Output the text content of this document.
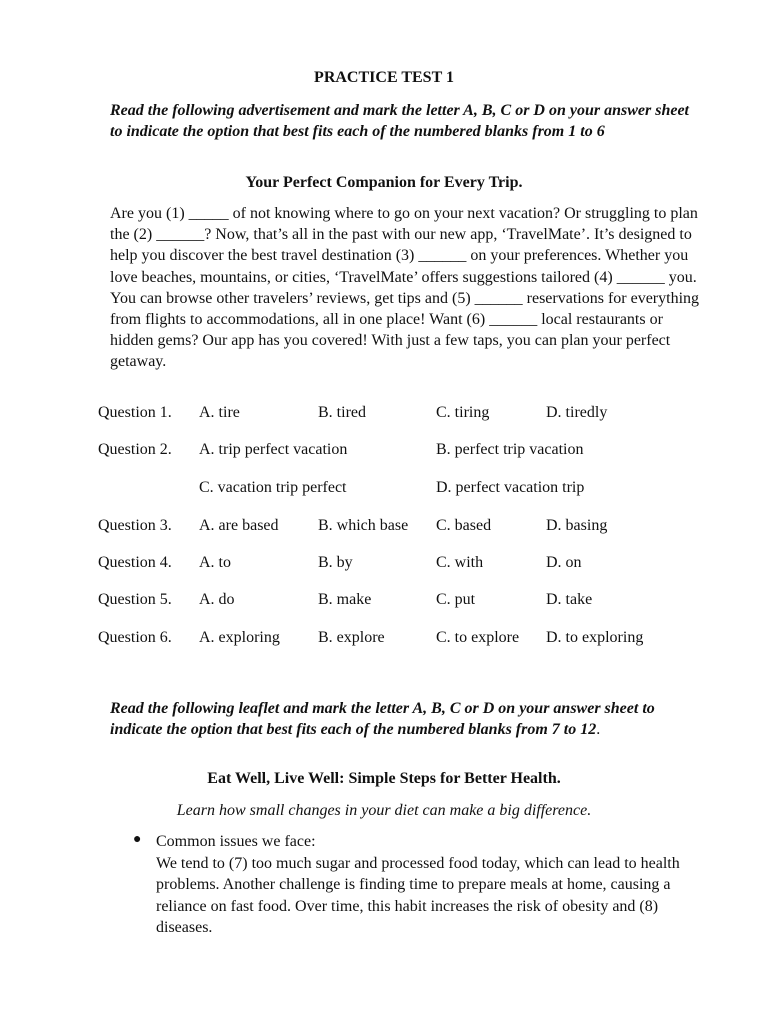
PRACTICE TEST 1
Read the following advertisement and mark the letter A, B, C or D on your answer sheet to indicate the option that best fits each of the numbered blanks from 1 to 6
Your Perfect Companion for Every Trip.
Are you (1) _____ of not knowing where to go on your next vacation? Or struggling to plan the (2) ______? Now, that’s all in the past with our new app, ‘TravelMate’. It’s designed to help you discover the best travel destination (3) ______ on your preferences. Whether you love beaches, mountains, or cities, ‘TravelMate’ offers suggestions tailored (4) ______ you. You can browse other travelers’ reviews, get tips and (5) ______ reservations for everything from flights to accommodations, all in one place! Want (6) ______ local restaurants or hidden gems? Our app has you covered! With just a few taps, you can plan your perfect getaway.
Question 1. A. tire	B. tired	C. tiring	D. tiredly
Question 2. A. trip perfect vacation	B. perfect trip vacation
C. vacation trip perfect	D. perfect vacation trip
Question 3. A. are based B. which base C. based	D. basing
Question 4. A. to	B. by	C. with	D. on
Question 5. A. do	B. make	C. put	D. take
Question 6. A. exploring B. explore	C. to explore D. to exploring
Read the following leaflet and mark the letter A, B, C or D on your answer sheet to indicate the option that best fits each of the numbered blanks from 7 to 12.
Eat Well, Live Well: Simple Steps for Better Health.
Learn how small changes in your diet can make a big difference.
● Common issues we face:
We tend to (7) too much sugar and processed food today, which can lead to health problems. Another challenge is finding time to prepare meals at home, causing a reliance on fast food. Over time, this habit increases the risk of obesity and (8) diseases.
